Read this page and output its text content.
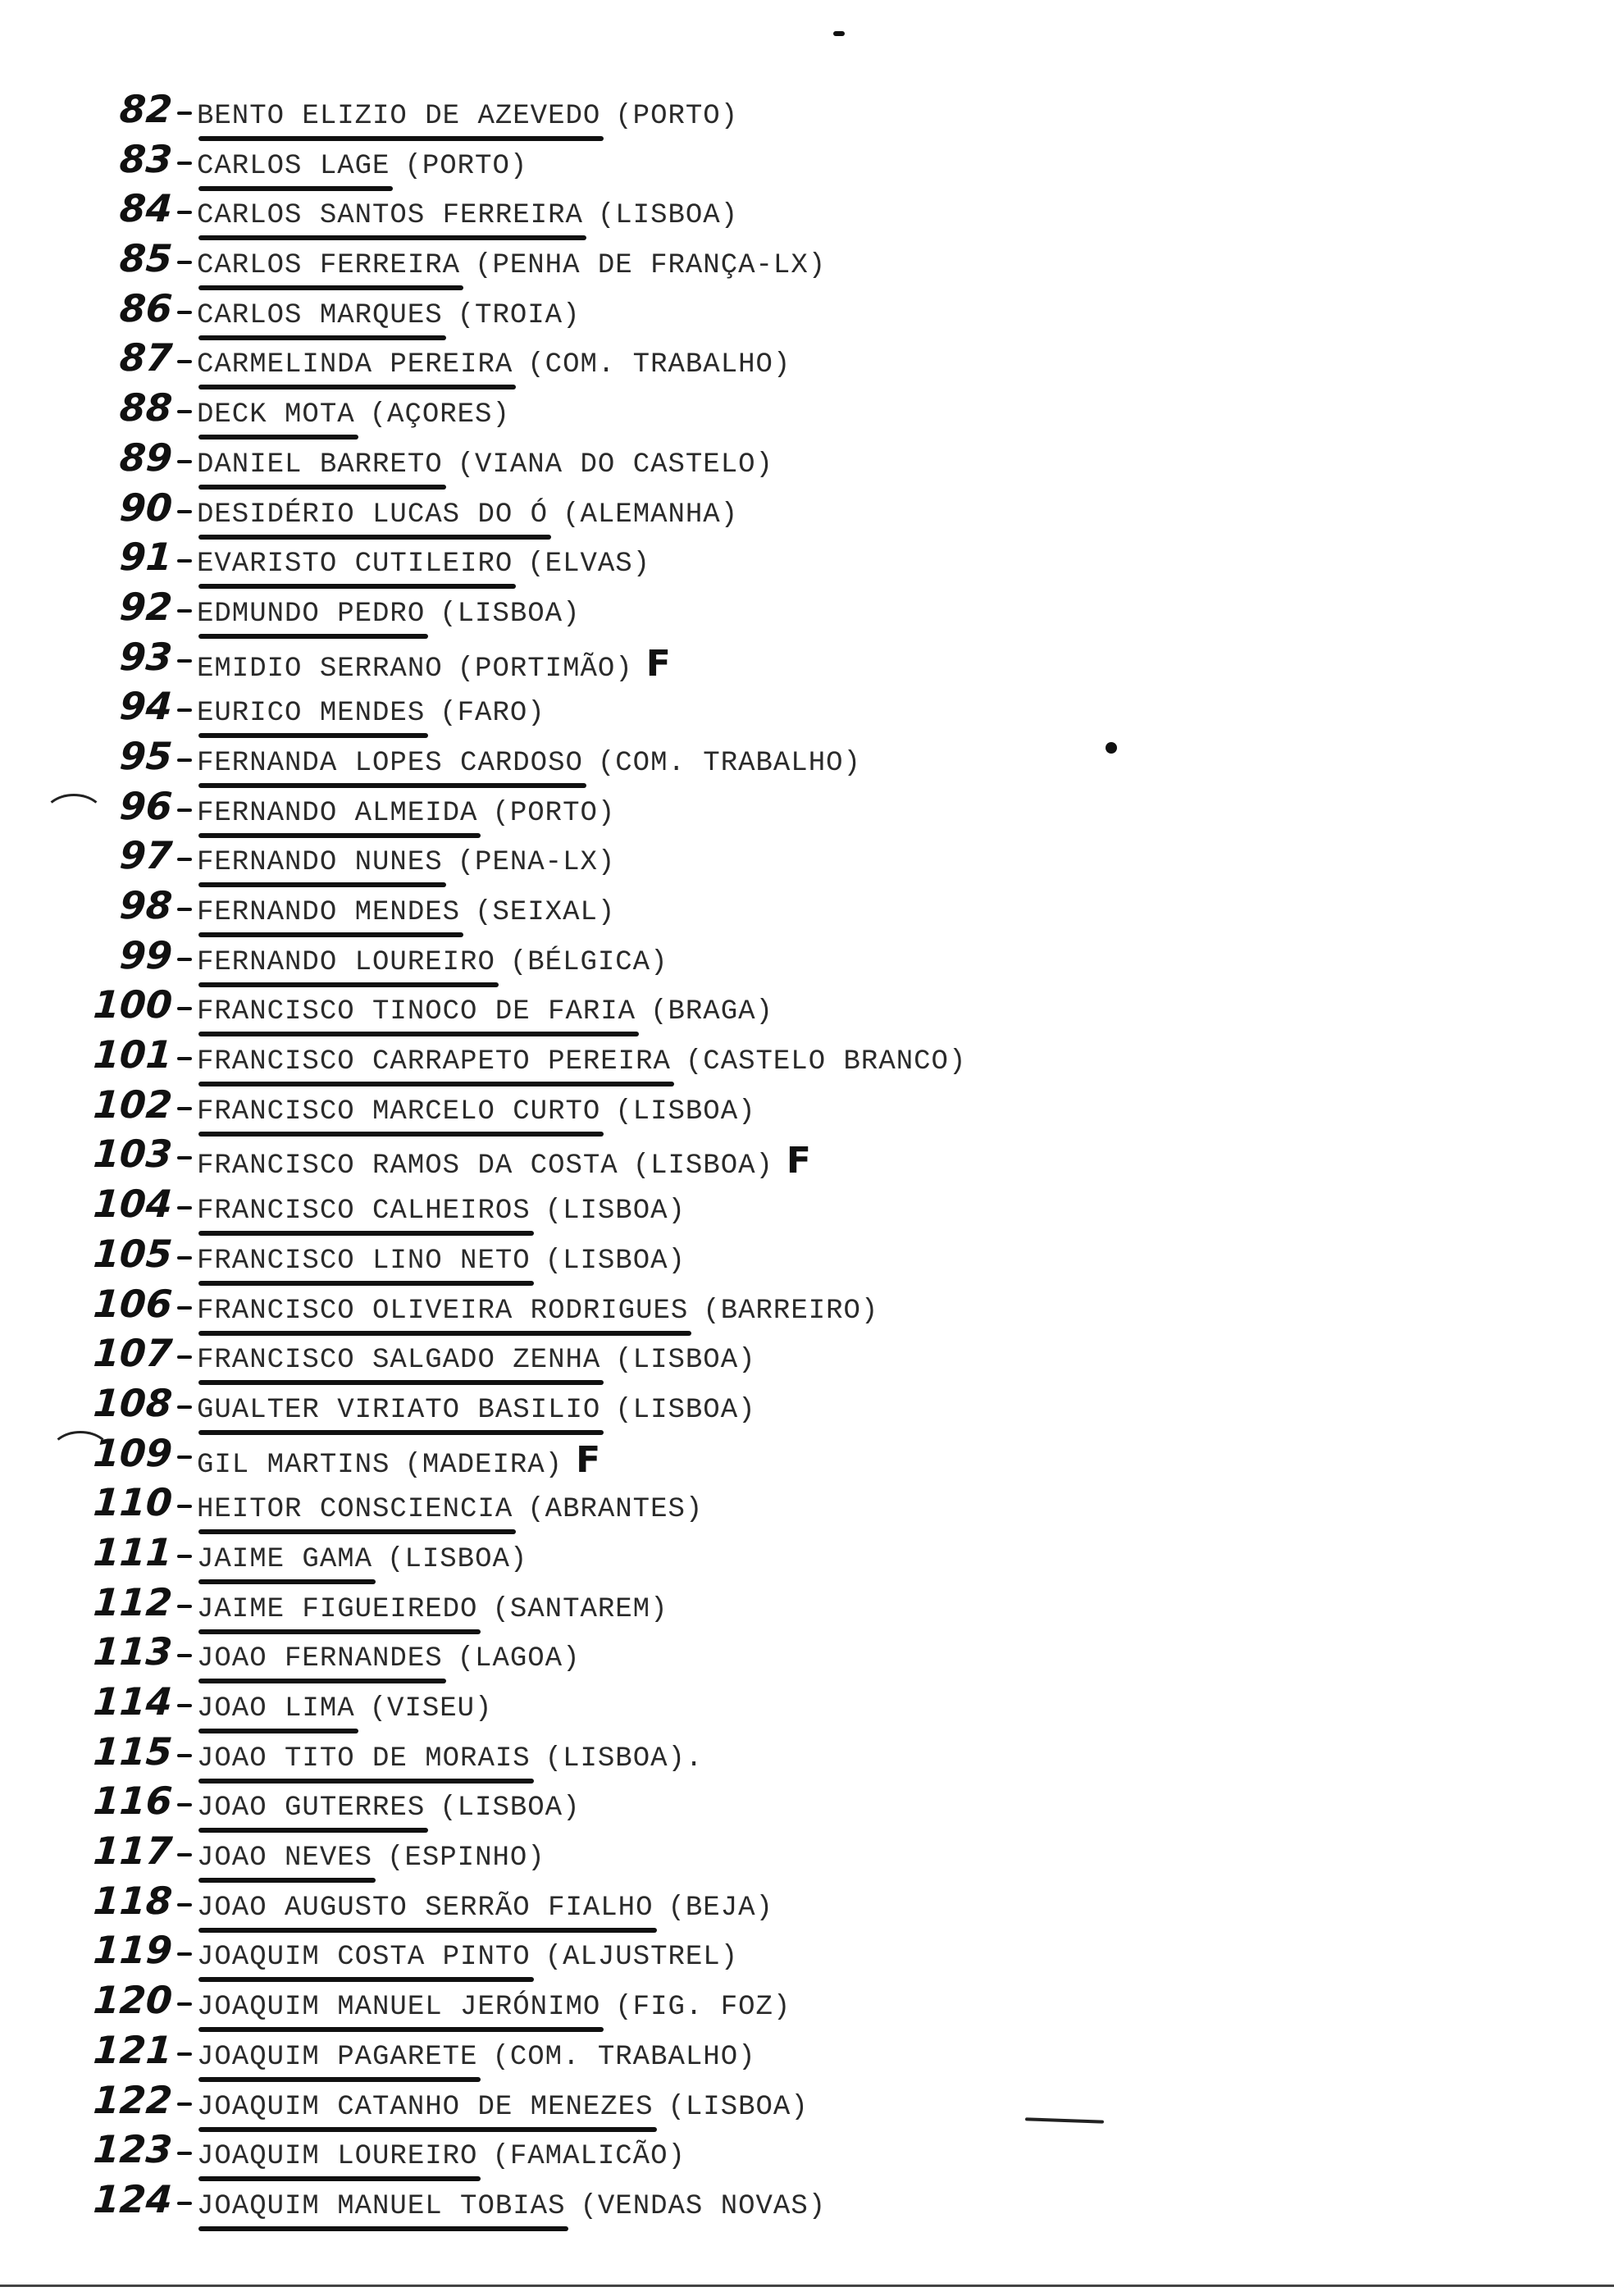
82 BENTO ELIZIO DE AZEVEDO (PORTO)
83 CARLOS LAGE (PORTO)
84 CARLOS SANTOS FERREIRA (LISBOA)
85 CARLOS FERREIRA (PENHA DE FRANÇA-LX)
86 CARLOS MARQUES (TROIA)
87 CARMELINDA PEREIRA (COM. TRABALHO)
88 DECK MOTA (AÇORES)
89 DANIEL BARRETO (VIANA DO CASTELO)
90 DESIDÉRIO LUCAS DO Ó (ALEMANHA)
91 EVARISTO CUTILEIRO (ELVAS)
92 EDMUNDO PEDRO (LISBOA)
93 EMIDIO SERRANO (PORTIMÃO) F
94 EURICO MENDES (FARO)
95 FERNANDA LOPES CARDOSO (COM. TRABALHO)
96 FERNANDO ALMEIDA (PORTO)
97 FERNANDO NUNES (PENA-LX)
98 FERNANDO MENDES (SEIXAL)
99 FERNANDO LOUREIRO (BÉLGICA)
100 FRANCISCO TINOCO DE FARIA (BRAGA)
101 FRANCISCO CARRAPETO PEREIRA (CASTELO BRANCO)
102 FRANCISCO MARCELO CURTO (LISBOA)
103 FRANCISCO RAMOS DA COSTA (LISBOA) F
104 FRANCISCO CALHEIROS (LISBOA)
105 FRANCISCO LINO NETO (LISBOA)
106 FRANCISCO OLIVEIRA RODRIGUES (BARREIRO)
107 FRANCISCO SALGADO ZENHA (LISBOA)
108 GUALTER VIRIATO BASILIO (LISBOA)
109 GIL MARTINS (MADEIRA) F
110 HEITOR CONSCIENCIA (ABRANTES)
111 JAIME GAMA (LISBOA)
112 JAIME FIGUEIREDO (SANTAREM)
113 JOAO FERNANDES (LAGOA)
114 JOAO LIMA (VISEU)
115 JOAO TITO DE MORAIS (LISBOA).
116 JOAO GUTERRES (LISBOA)
117 JOAO NEVES (ESPINHO)
118 JOAO AUGUSTO SERRÃO FIALHO (BEJA)
119 JOAQUIM COSTA PINTO (ALJUSTREL)
120 JOAQUIM MANUEL JERÓNIMO (FIG. FOZ)
121 JOAQUIM PAGARETE (COM. TRABALHO)
122 JOAQUIM CATANHO DE MENEZES (LISBOA)
123 JOAQUIM LOUREIRO (FAMALICÃO)
124 JOAQUIM MANUEL TOBIAS (VENDAS NOVAS)
